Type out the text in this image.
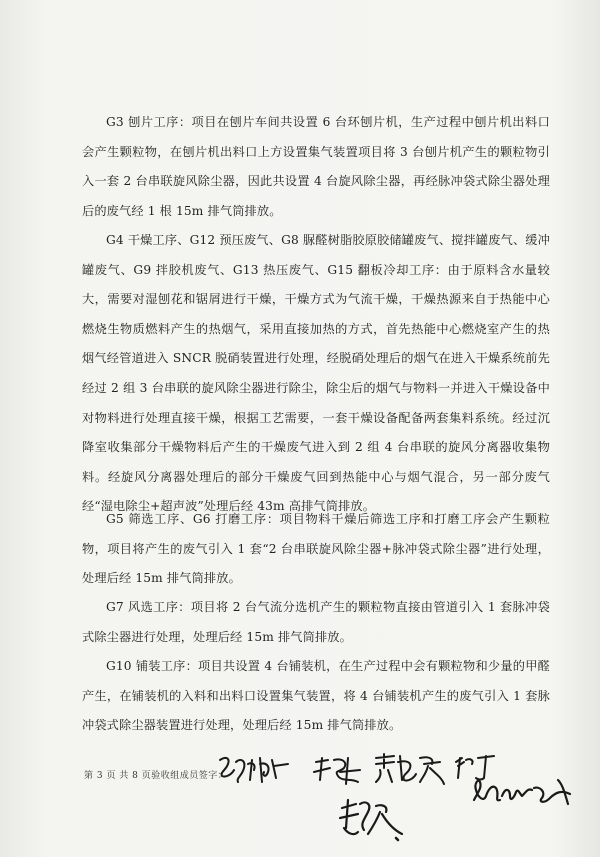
G3 刨片工序：项目在刨片车间共设置 6 台环刨片机，生产过程中刨片机出料口会产生颗粒物，在刨片机出料口上方设置集气装置项目将 3 台刨片机产生的颗粒物引入一套 2 台串联旋风除尘器，因此共设置 4 台旋风除尘器，再经脉冲袋式除尘器处理后的废气经 1 根 15m 排气筒排放。
G4 干燥工序、G12 预压废气、G8 脲醛树脂胶原胶储罐废气、搅拌罐废气、缓冲罐废气、G9 拌胶机废气、G13 热压废气、G15 翻板冷却工序：由于原料含水量较大，需要对湿刨花和锯屑进行干燥，干燥方式为气流干燥，干燥热源来自于热能中心燃烧生物质燃料产生的热烟气，采用直接加热的方式，首先热能中心燃烧室产生的热烟气经管道进入 SNCR 脱硝装置进行处理，经脱硝处理后的烟气在进入干燥系统前先经过 2 组 3 台串联的旋风除尘器进行除尘，除尘后的烟气与物料一并进入干燥设备中对物料进行处理直接干燥，根据工艺需要，一套干燥设备配备两套集料系统。经过沉降室收集部分干燥物料后产生的干燥废气进入到 2 组 4 台串联的旋风分离器收集物料。经旋风分离器处理后的部分干燥废气回到热能中心与烟气混合，另一部分废气经“湿电除尘+超声波”处理后经 43m 高排气筒排放。
G5 筛选工序、G6 打磨工序：项目物料干燥后筛选工序和打磨工序会产生颗粒物，项目将产生的废气引入 1 套“2 台串联旋风除尘器+脉冲袋式除尘器”进行处理，处理后经 15m 排气筒排放。
G7 风选工序：项目将 2 台气流分选机产生的颗粒物直接由管道引入 1 套脉冲袋式除尘器进行处理，处理后经 15m 排气筒排放。
G10 铺装工序：项目共设置 4 台铺装机，在生产过程中会有颗粒物和少量的甲醛产生，在铺装机的入料和出料口设置集气装置，将 4 台铺装机产生的废气引入 1 套脉冲袋式除尘器装置进行处理，处理后经 15m 排气筒排放。
第 3 页 共 8 页验收组成员签字：
